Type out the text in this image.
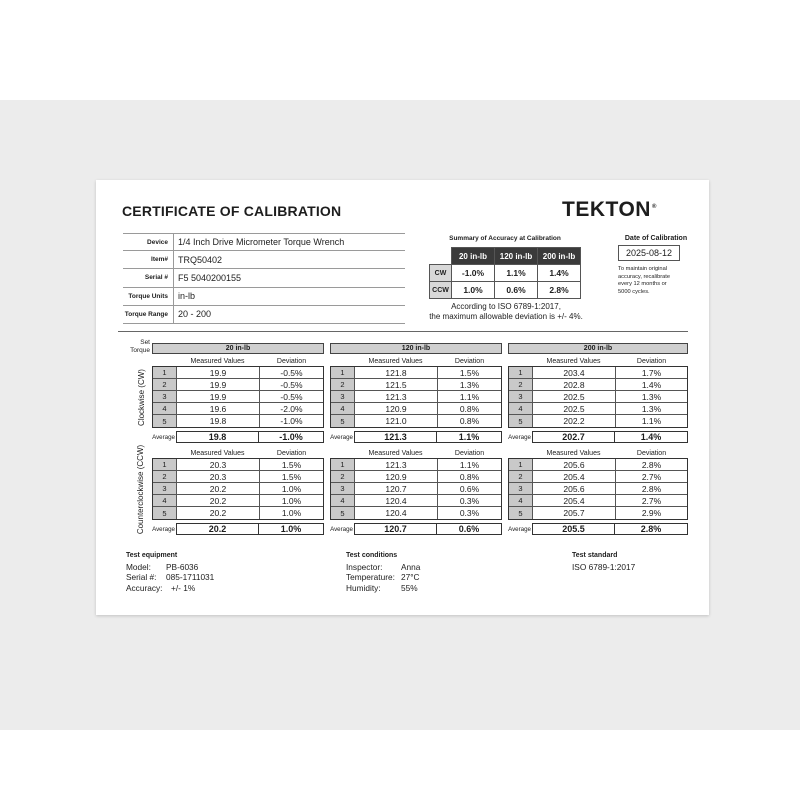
CERTIFICATE OF CALIBRATION	TEKTON®
Device	1/4 Inch Drive Micrometer Torque Wrench
Item#	TRQ50402
Serial #	F5 5040200155
Torque Units	in-lb
Torque Range	20 - 200
Summary of Accuracy at Calibration
	20 in-lb	120 in-lb	200 in-lb
CW	-1.0%	1.1%	1.4%
CCW	1.0%	0.6%	2.8%
According to ISO 6789-1:2017,
the maximum allowable deviation is +/- 4%.
Date of Calibration
2025-08-12
To maintain original
accuracy, recalibrate
every 12 months or
5000 cycles.
Set
Torque	20 in-lb	120 in-lb	200 in-lb
Clockwise (CW)
Counterclockwise (CCW)
Measured Values	Deviation
1	19.9	-0.5%
2	19.9	-0.5%
3	19.9	-0.5%
4	19.6	-2.0%
5	19.8	-1.0%
Average	19.8	-1.0%
Measured Values	Deviation
1	121.8	1.5%
2	121.5	1.3%
3	121.3	1.1%
4	120.9	0.8%
5	121.0	0.8%
Average	121.3	1.1%
Measured Values	Deviation
1	203.4	1.7%
2	202.8	1.4%
3	202.5	1.3%
4	202.5	1.3%
5	202.2	1.1%
Average	202.7	1.4%
Measured Values	Deviation
1	20.3	1.5%
2	20.3	1.5%
3	20.2	1.0%
4	20.2	1.0%
5	20.2	1.0%
Average	20.2	1.0%
Measured Values	Deviation
1	121.3	1.1%
2	120.9	0.8%
3	120.7	0.6%
4	120.4	0.3%
5	120.4	0.3%
Average	120.7	0.6%
Measured Values	Deviation
1	205.6	2.8%
2	205.4	2.7%
3	205.6	2.8%
4	205.4	2.7%
5	205.7	2.9%
Average	205.5	2.8%
Test equipment
Model:	PB-6036
Serial #:	085-1711031
Accuracy:	+/- 1%
Test conditions
Inspector:	Anna
Temperature: 27°C
Humidity:	55%
Test standard
ISO 6789-1:2017
